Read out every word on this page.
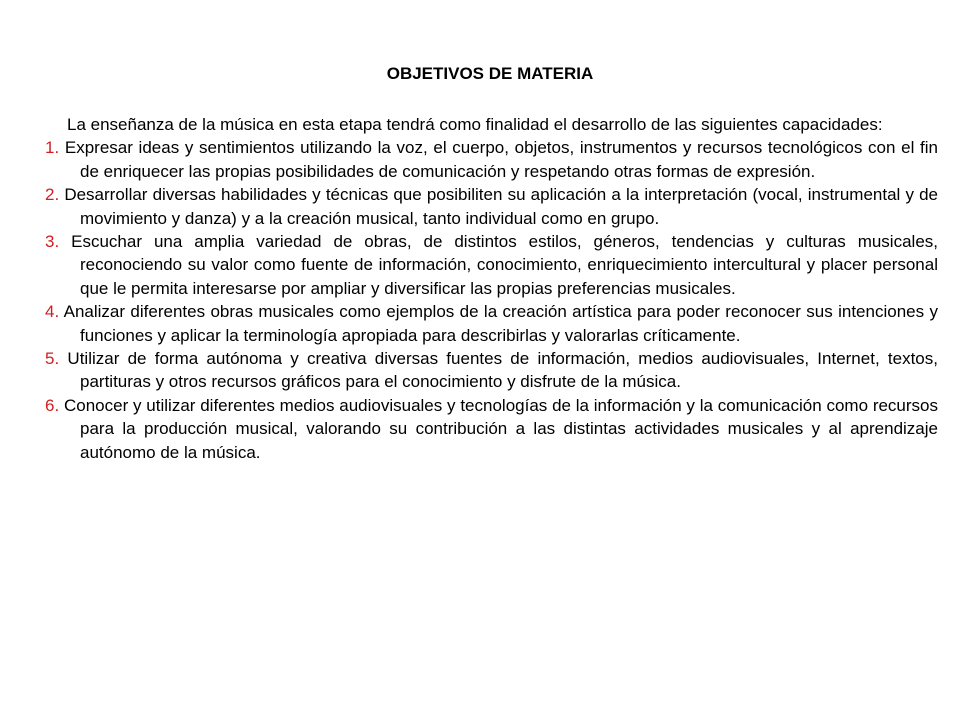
OBJETIVOS DE MATERIA

La enseñanza de la música en esta etapa tendrá como finalidad el desarrollo de las siguientes capacidades:

1. Expresar ideas y sentimientos utilizando la voz, el cuerpo, objetos, instrumentos y recursos tecnológicos con el fin de enriquecer las propias posibilidades de comunicación y respetando otras formas de expresión.

2. Desarrollar diversas habilidades y técnicas que posibiliten su aplicación a la interpretación (vocal, instrumental y de movimiento y danza) y a la creación musical, tanto individual como en grupo.

3. Escuchar una amplia variedad de obras, de distintos estilos, géneros, tendencias y culturas musicales, reconociendo su valor como fuente de información, conocimiento, enriquecimiento intercultural y placer personal que le permita interesarse por ampliar y diversificar las propias preferencias musicales.

4. Analizar diferentes obras musicales como ejemplos de la creación artística para poder reconocer sus intenciones y funciones y aplicar la terminología apropiada para describirlas y valorarlas críticamente.

5. Utilizar de forma autónoma y creativa diversas fuentes de información, medios audiovisuales, Internet, textos, partituras y otros recursos gráficos para el conocimiento y disfrute de la música.

6. Conocer y utilizar diferentes medios audiovisuales y tecnologías de la información y la comunicación como recursos para la producción musical, valorando su contribución a las distintas actividades musicales y al aprendizaje autónomo de la música.
